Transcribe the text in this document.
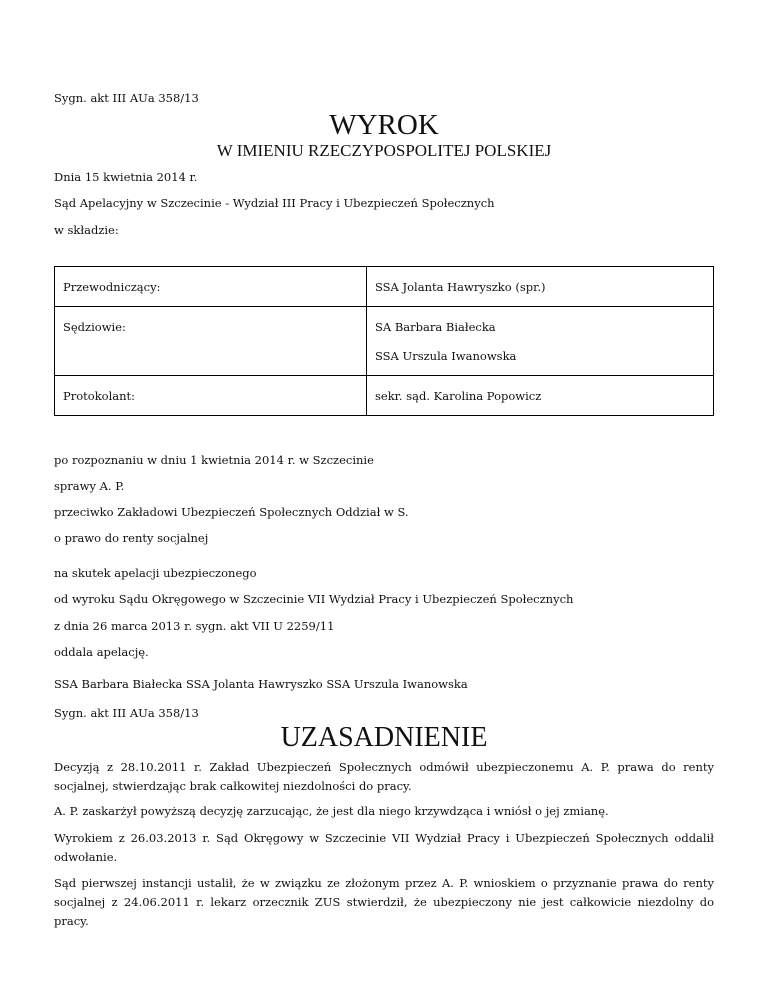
Sygn. akt III AUa 358/13
WYROK
W IMIENIU RZECZYPOSPOLITEJ POLSKIEJ
Dnia 15 kwietnia 2014 r.
Sąd Apelacyjny w Szczecinie - Wydział III Pracy i Ubezpieczeń Społecznych
w składzie:
Przewodniczący:	SSA Jolanta Hawryszko (spr.)

Sędziowie:	SA Barbara Białecka
SSA Urszula Iwanowska

Protokolant:	sekr. sąd. Karolina Popowicz
po rozpoznaniu w dniu 1 kwietnia 2014 r. w Szczecinie
sprawy A. P.
przeciwko Zakładowi Ubezpieczeń Społecznych Oddział w S.
o prawo do renty socjalnej
na skutek apelacji ubezpieczonego
od wyroku Sądu Okręgowego w Szczecinie VII Wydział Pracy i Ubezpieczeń Społecznych
z dnia 26 marca 2013 r. sygn. akt VII U 2259/11
oddala apelację.
SSA Barbara Białecka SSA Jolanta Hawryszko SSA Urszula Iwanowska
Sygn. akt III AUa 358/13
UZASADNIENIE
Decyzją z 28.10.2011 r. Zakład Ubezpieczeń Społecznych odmówił ubezpieczonemu A. P. prawa do renty socjalnej, stwierdzając brak całkowitej niezdolności do pracy.
A. P. zaskarżył powyższą decyzję zarzucając, że jest dla niego krzywdząca i wniósł o jej zmianę.
Wyrokiem z 26.03.2013 r. Sąd Okręgowy w Szczecinie VII Wydział Pracy i Ubezpieczeń Społecznych oddalił odwołanie.
Sąd pierwszej instancji ustalił, że w związku ze złożonym przez A. P. wnioskiem o przyznanie prawa do renty socjalnej z 24.06.2011 r. lekarz orzecznik ZUS stwierdził, że ubezpieczony nie jest całkowicie niezdolny do pracy.
